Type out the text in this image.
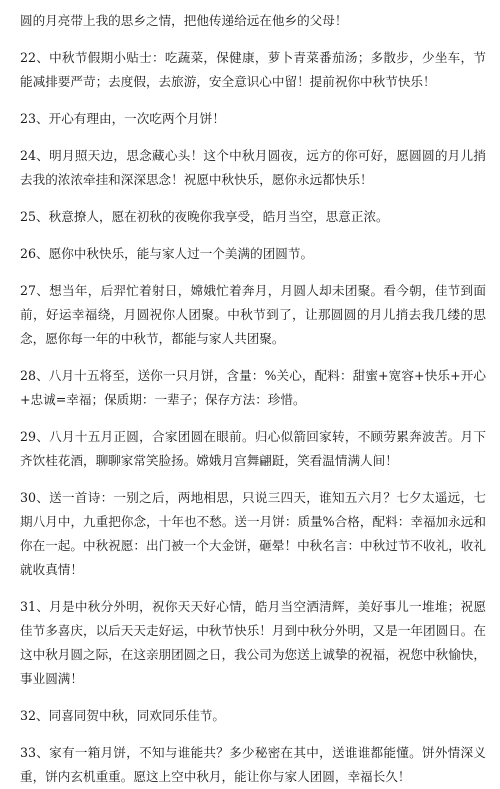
圆的月亮带上我的思乡之情，把他传递给远在他乡的父母！

22、中秋节假期小贴士：吃蔬菜，保健康，萝卜青菜番茄汤；多散步，少坐车，节能减排要严苛；去度假，去旅游，安全意识心中留！提前祝你中秋节快乐！

23、开心有理由，一次吃两个月饼！

24、明月照天边，思念藏心头！这个中秋月圆夜，远方的你可好，愿圆圆的月儿捎去我的浓浓牵挂和深深思念！祝愿中秋快乐，愿你永远都快乐！

25、秋意撩人，愿在初秋的夜晚你我享受，皓月当空，思意正浓。

26、愿你中秋快乐，能与家人过一个美满的团圆节。

27、想当年，后羿忙着射日，嫦娥忙着奔月，月圆人却未团聚。看今朝，佳节到面前，好运幸福绕，月圆祝你人团聚。中秋节到了，让那圆圆的月儿捎去我几缕的思念，愿你每一年的中秋节，都能与家人共团聚。

28、八月十五将至，送你一只月饼，含量：%关心，配料：甜蜜+宽容+快乐+开心+忠诚=幸福；保质期：一辈子；保存方法：珍惜。

29、八月十五月正圆，合家团圆在眼前。归心似箭回家转，不顾劳累奔波苦。月下齐饮桂花酒，聊聊家常笑脸扬。嫦娥月宫舞翩跹，笑看温情满人间！

30、送一首诗：一别之后，两地相思，只说三四天，谁知五六月？七夕太遥远，七期八月中，九重把你念，十年也不愁。送一月饼：质量%合格，配料：幸福加永远和你在一起。中秋祝愿：出门被一个大金饼，砸晕！中秋名言：中秋过节不收礼，收礼就收真情！

31、月是中秋分外明，祝你天天好心情，皓月当空洒清辉，美好事儿一堆堆；祝愿佳节多喜庆，以后天天走好运，中秋节快乐！月到中秋分外明，又是一年团圆日。在这中秋月圆之际，在这亲朋团圆之日，我公司为您送上诚挚的祝福，祝您中秋愉快，事业圆满！

32、同喜同贺中秋，同欢同乐佳节。

33、家有一箱月饼，不知与谁能共？多少秘密在其中，送谁谁都能懂。饼外情深义重，饼内玄机重重。愿这上空中秋月，能让你与家人团圆，幸福长久！
